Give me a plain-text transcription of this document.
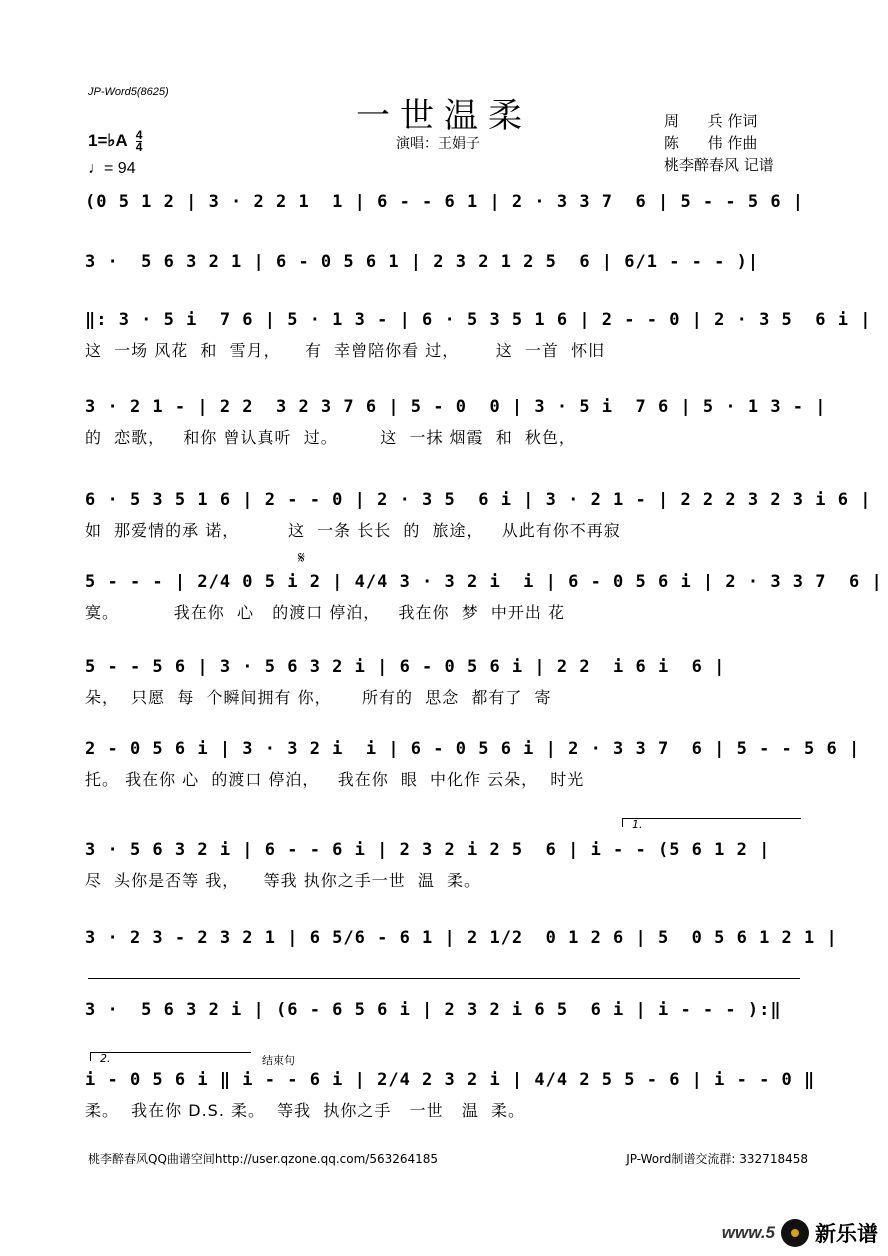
JP-Word5(8625)
一世温柔
演唱：王娟子
周      兵 作词
陈      伟 作曲
桃李醉春风 记谱
1=♭A $\frac{4}{4}$
♩= 94
(0 5 1 2 | 3 · 2 2 1  1 | 6 - - 6 1 | 2 · 3 3 7  6 | 5 - - 5 6 |
3 ·  5 6 3 2 1 | 6 - 0 5 6 1 | 2 3 2 1 2 5  6 | 6/1 - - - )|
‖: 3 · 5 i  7 6 | 5 · 1 3 - | 6 · 5 3 5 1 6 | 2 - - 0 | 2 · 3 5  6 i |
这  一场 风花  和  雪月，    有  幸曾陪你看 过，      这  一首  怀旧
3 · 2 1 - | 2 2  3 2 3 7 6 | 5 - 0  0 | 3 · 5 i  7 6 | 5 · 1 3 - |
的  恋歌，   和你 曾认真听  过。       这  一抹 烟霞  和  秋色，
6 · 5 3 5 1 6 | 2 - - 0 | 2 · 3 5  6 i | 3 · 2 1 - | 2 2 2 3 2 3 i 6 |
如  那爱情的承 诺，        这  一条 长长  的  旅途，   从此有你不再寂
𝄋
5 - - - | 2/4 0 5 i 2 | 4/4 3 · 3 2 i  i | 6 - 0 5 6 i | 2 · 3 3 7  6 |
寞。         我在你  心   的渡口 停泊，   我在你  梦  中开出 花
5 - - 5 6 | 3 · 5 6 3 2 i | 6 - 0 5 6 i | 2 2  i 6 i  6 |
朵，  只愿  每  个瞬间拥有 你，     所有的  思念  都有了  寄
2 - 0 5 6 i | 3 · 3 2 i  i | 6 - 0 5 6 i | 2 · 3 3 7  6 | 5 - - 5 6 |
托。 我在你 心  的渡口 停泊，   我在你  眼  中化作 云朵，  时光
1.
3 · 5 6 3 2 i | 6 - - 6 i | 2 3 2 i 2 5  6 | i - - (5 6 1 2 |
尽  头你是否等 我，    等我 执你之手一世  温  柔。
3 · 2 3 - 2 3 2 1 | 6 5/6 - 6 1 | 2 1/2  0 1 2 6 | 5  0 5 6 1 2 1 |
3 ·  5 6 3 2 i | (6 - 6 5 6 i | 2 3 2 i 6 5  6 i | i - - - ):‖
2.	结束句
i - 0 5 6 i ‖ i - - 6 i | 2/4 2 3 2 i | 4/4 2 5 5 - 6 | i - - 0 ‖
柔。  我在你 D.S. 柔。  等我  执你之手   一世   温  柔。
桃李醉春风QQ曲谱空间http://user.qzone.qq.com/563264185	JP-Word制谱交流群: 332718458
www.5 新乐谱
